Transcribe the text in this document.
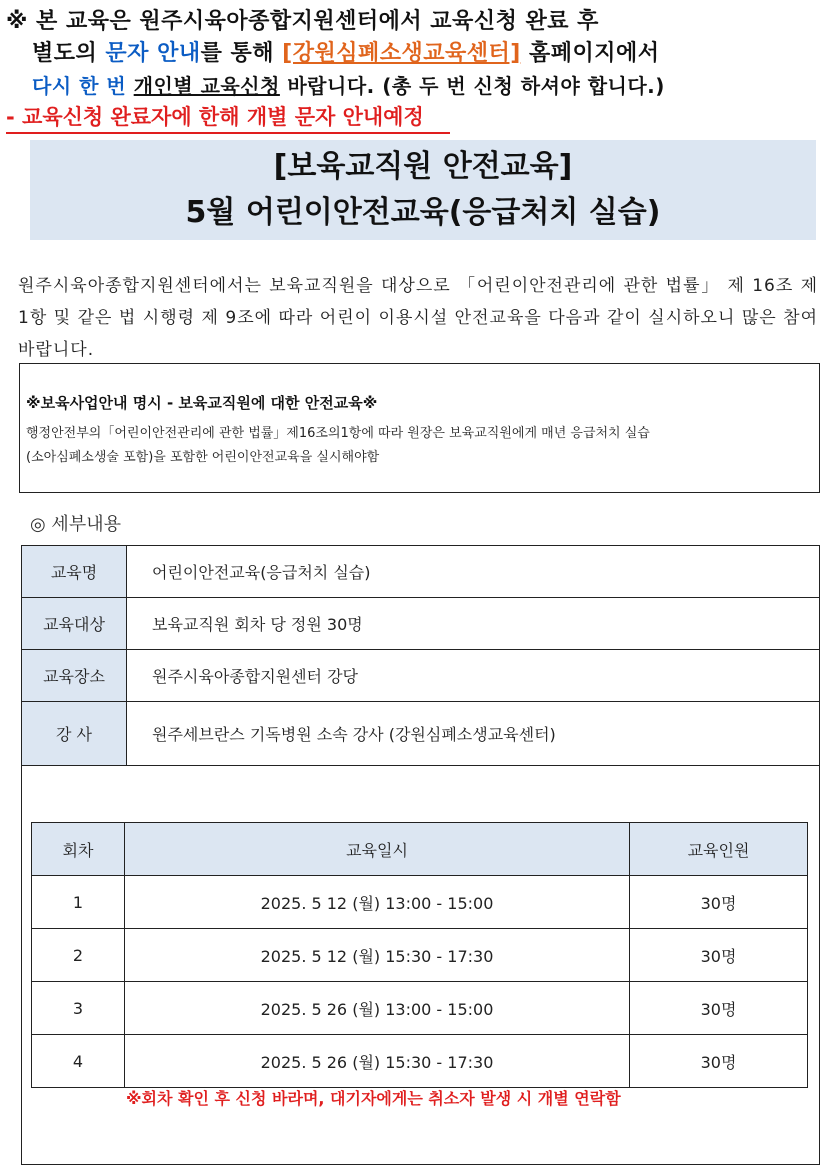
※ 본 교육은 원주시육아종합지원센터에서 교육신청 완료 후
별도의 문자 안내를 통해 [강원심폐소생교육센터] 홈페이지에서
다시 한 번 개인별 교육신청 바랍니다. (총 두 번 신청 하셔야 합니다.)
- 교육신청 완료자에 한해 개별 문자 안내예정
[보육교직원 안전교육]
5월 어린이안전교육(응급처치 실습)
원주시육아종합지원센터에서는 보육교직원을 대상으로 「어린이안전관리에 관한 법률」 제 16조 제1항 및 같은 법 시행령 제 9조에 따라 어린이 이용시설 안전교육을 다음과 같이 실시하오니 많은 참여 바랍니다.
※보육사업안내 명시 - 보육교직원에 대한 안전교육※
행정안전부의「어린이안전관리에 관한 법률」제16조의1항에 따라 원장은 보육교직원에게 매년 응급처치 실습
(소아심폐소생술 포함)을 포함한 어린이안전교육을 실시해야함
◎ 세부내용
교육명	어린이안전교육(응급처치 실습)
교육대상	보육교직원 회차 당 정원 30명
교육장소	원주시육아종합지원센터 강당
강 사	원주세브란스 기독병원 소속 강사 (강원심폐소생교육센터)
회차	교육일시	교육인원
1	2025. 5 12 (월) 13:00 - 15:00	30명
2	2025. 5 12 (월) 15:30 - 17:30	30명
3	2025. 5 26 (월) 13:00 - 15:00	30명
4	2025. 5 26 (월) 15:30 - 17:30	30명
※회차 확인 후 신청 바라며, 대기자에게는 취소자 발생 시 개별 연락함
